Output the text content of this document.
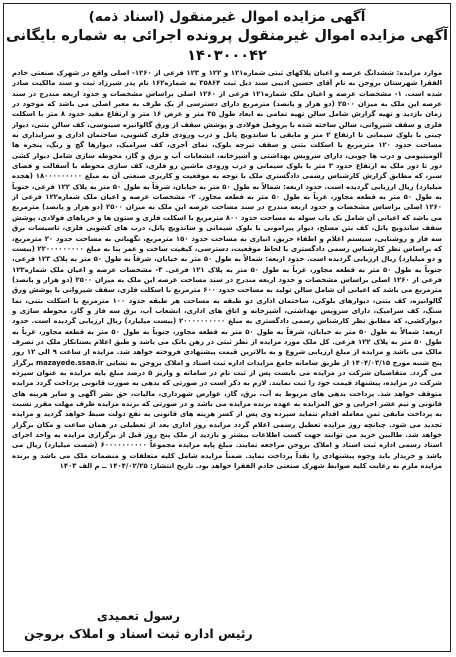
آگهی مزایده اموال غیرمنقول (اسناد ذمه)
آگهی مزایده اموال غیرمنقول پرونده اجرائی به شماره بایگانی ۱۴۰۳۰۰۰۴۲

موارد مزایده: ششدانگ عرصه و اعیان پلاکهای ثبتی شماره۱۲۱ و ۱۲۲ و ۱۲۳ فرعی از ۱۲۶۰- اصلی واقع در شهرک صنعتی خادم الفقرا شهرستان بروجن به نام آقای حسین ادیبی سند ذیل ثبت ۳۵۸۶۴ به شماره۱۶۲ تام پدر شیرزاد ثبت و سند مالکیت صادر شده است. ۱- مشخصات عرصه و اعیان ملک شماره۱۲۱ فرعی از ۱۲۶۰ اصلی براساس مشخصات و حدود اربعه مندرج در سند عرصه این ملک به میزان ۲۵۰۰ (دو هزار و پانصد) مترمربع دارای دسترسی از یک طرف به معبر اصلی می باشد که موجود در زمان بازدید و تهیه گزارش شامل سالن تهیه تمامی به ابعاد طول ۳۵ متر و عرض ۱۶ متر و ارتفاع مفید حدود ۸ متر با اسکلت فلزی و سقف شیروانی، سالن ساخته شده با پروفیل فولادی و پوشش سقف از ورق گالوانیزه سینوسی، کف سالن بتنی، دیوار چینی با بلوک سیمانی تا ارتفاع ۲ متر و مابقی با ساندویچ پانل و درب ورودی فلزی کشویی، ساختمان اداری و سرایداری به مساحت حدود ۱۲۰ مترمربع با اسکلت بتنی و سقف تیرچه بلوک، نمای آجری، کف سرامیک، دیوارها گچ و رنگ، پنجره ها آلومینیومی و درب ها چوبی، دارای سرویس بهداشتی و آشپزخانه، انشعابات آب و برق و گاز، محوطه سازی شامل دیوار کشی دور تا دور ملک به ارتفاع حدود ۳ متر با بلوک سیمانی و درب ورودی ماشین رو فلزی، کف سازی محوطه با آسفالت و فضای سبز، که مطابق گزارش کارشناس رسمی دادگستری ملک با توجه به موقعیت و کاربری صنعتی آن به مبلغ ۱۸۰۰۰۰۰۰۰۰۰ (هجده میلیارد) ریال ارزیابی گردیده است. حدود اربعه: شمالاً به طول ۵۰ متر به خیابان، شرقاً به طول ۵۰ متر به پلاک ۱۲۲ فرعی، جنوباً به طول ۵۰ متر به قطعه مجاور، غرباً به طول ۵۰ متر به قطعه مجاور. ۲- مشخصات عرصه و اعیان ملک شماره۱۲۲ فرعی از ۱۲۶۰ اصلی براساس مشخصات و حدود اربعه مندرج در سند مساحت عرصه این ملک به میزان ۲۵۰۰ (دو هزار و پانصد) مترمربع می باشد که اعیانی آن شامل یک باب سوله به مساحت حدود ۸۰۰ مترمربع با اسکلت فلزی و ستون ها و خرپاهای فولادی، پوشش سقف ساندویچ پانل، کف بتن مسلح، دیوار پیرامونی با بلوک سیمانی و ساندویچ پانل، درب های کشویی فلزی، تاسیسات برق سه فاز و روشنایی، سیستم اعلام و اطفاء حریق، انباری به مساحت حدود ۱۵۰ مترمربع، نگهبانی به مساحت حدود ۲۰ مترمربع، که براساس نظر کارشناس رسمی دادگستری با لحاظ موقعیت، دسترسی، کیفیت ساخت و عمر بنا به مبلغ ۲۲۰۰۰۰۰۰۰۰۰ (بیست و دو میلیارد) ریال ارزیابی گردیده است. حدود اربعه: شمالاً به طول ۵۰ متر به خیابان، شرقاً به طول ۵۰ متر به پلاک ۱۲۳ فرعی، جنوباً به طول ۵۰ متر به قطعه مجاور، غرباً به طول ۵۰ متر به پلاک ۱۲۱ فرعی. ۳- مشخصات عرصه و اعیان ملک شماره۱۲۳ فرعی از ۱۲۶۰ اصلی براساس مشخصات و حدود اربعه مندرج در سند مساحت عرصه این ملک به میزان ۲۵۰۰ (دو هزار و پانصد) مترمربع می باشد که اعیانی آن شامل سالن تولید به مساحت حدود ۶۰۰ مترمربع با اسکلت فلزی، سقف شیروانی با پوشش ورق گالوانیزه، کف بتنی، دیوارهای بلوکی، ساختمان اداری دو طبقه به مساحت هر طبقه حدود ۱۰۰ مترمربع با اسکلت بتنی، نما سنگ، کف سرامیک، دارای سرویس بهداشتی، آشپزخانه و اتاق های اداری، انشعاب آب، برق سه فاز و گاز، محوطه سازی و دیوارکشی، که مطابق نظر کارشناس رسمی دادگستری به مبلغ ۲۰۰۰۰۰۰۰۰۰۰ (بیست میلیارد) ریال ارزیابی گردیده است. حدود اربعه: شمالاً به طول ۵۰ متر به خیابان، شرقاً به طول ۵۰ متر به قطعه مجاور، جنوباً به طول ۵۰ متر به قطعه مجاور، غرباً به طول ۵۰ متر به پلاک ۱۲۲ فرعی. کل ملک مورد مزایده از نظر ثبتی در رهن بانک می باشد و طبق اعلام بستانکار ملک در تصرف مالک می باشد و مزایده از مبلغ ارزیابی شروع و به بالاترین قیمت پیشنهادی فروخته خواهد شد. مزایده از ساعت ۹ الی ۱۲ روز پنج شنبه مورخ ۱۴۰۴/۰۳/۱۵ از طریق سامانه جامع مزایدات اداره ثبت اسناد و املاک بروجن به نشانی mazayede.ssaa.ir برگزار می گردد. متقاضیان شرکت در مزایده می بایست پس از ثبت نام در سامانه و واریز ۵ درصد مبلغ پایه مزایده به عنوان سپرده شرکت در مزایده، پیشنهاد قیمت خود را ثبت نمایند. لازم به ذکر است در صورتی که بدهی به صورت قانونی پرداخت گردد مزایده متوقف خواهد شد. پرداخت بدهی های مربوط به آب، برق، گاز، عوارض شهرداری، مالیات، حق نشر آگهی و سایر هزینه های قانونی و نیم عشر اجرایی و حق المزایده به عهده برنده مزایده می باشد و در صورتی که برنده مزایده ظرف مهلت مقرر نسبت به پرداخت مابقی ثمن معامله اقدام ننماید سپرده وی پس از کسر هزینه های قانونی به نفع دولت ضبط خواهد گردید و مزایده تجدید می شود. چنانچه روز مزایده تعطیل رسمی اعلام گردد مزایده روز اداری بعد از تعطیلی در همان ساعت و مکان برگزار خواهد شد. طالبین خرید می توانند جهت کسب اطلاعات بیشتر و بازدید از ملک پنج روز قبل از برگزاری مزایده به واحد اجرای اسناد رسمی اداره ثبت اسناد و املاک بروجن مراجعه نمایند. مبلغ پایه مزایده مجموعاً ۶۰۰۰۰۰۰۰۰۰۰ (شصت میلیارد) ریال می باشد و خریدار باید وجوه پیشنهادی را نقداً پرداخت نماید. ضمناً مزایده شامل کلیه متعلقات و منضمات ملک می باشد و برنده مزایده ملزم به رعایت کلیه ضوابط شهرک صنعتی خادم الفقرا خواهد بود. تاریخ انتشار: ۱۴۰۴/۰۲/۲۵ ــ م الف ۱۴۰۳

رسول تعمیدی
رئیس اداره ثبت اسناد و املاک بروجن
